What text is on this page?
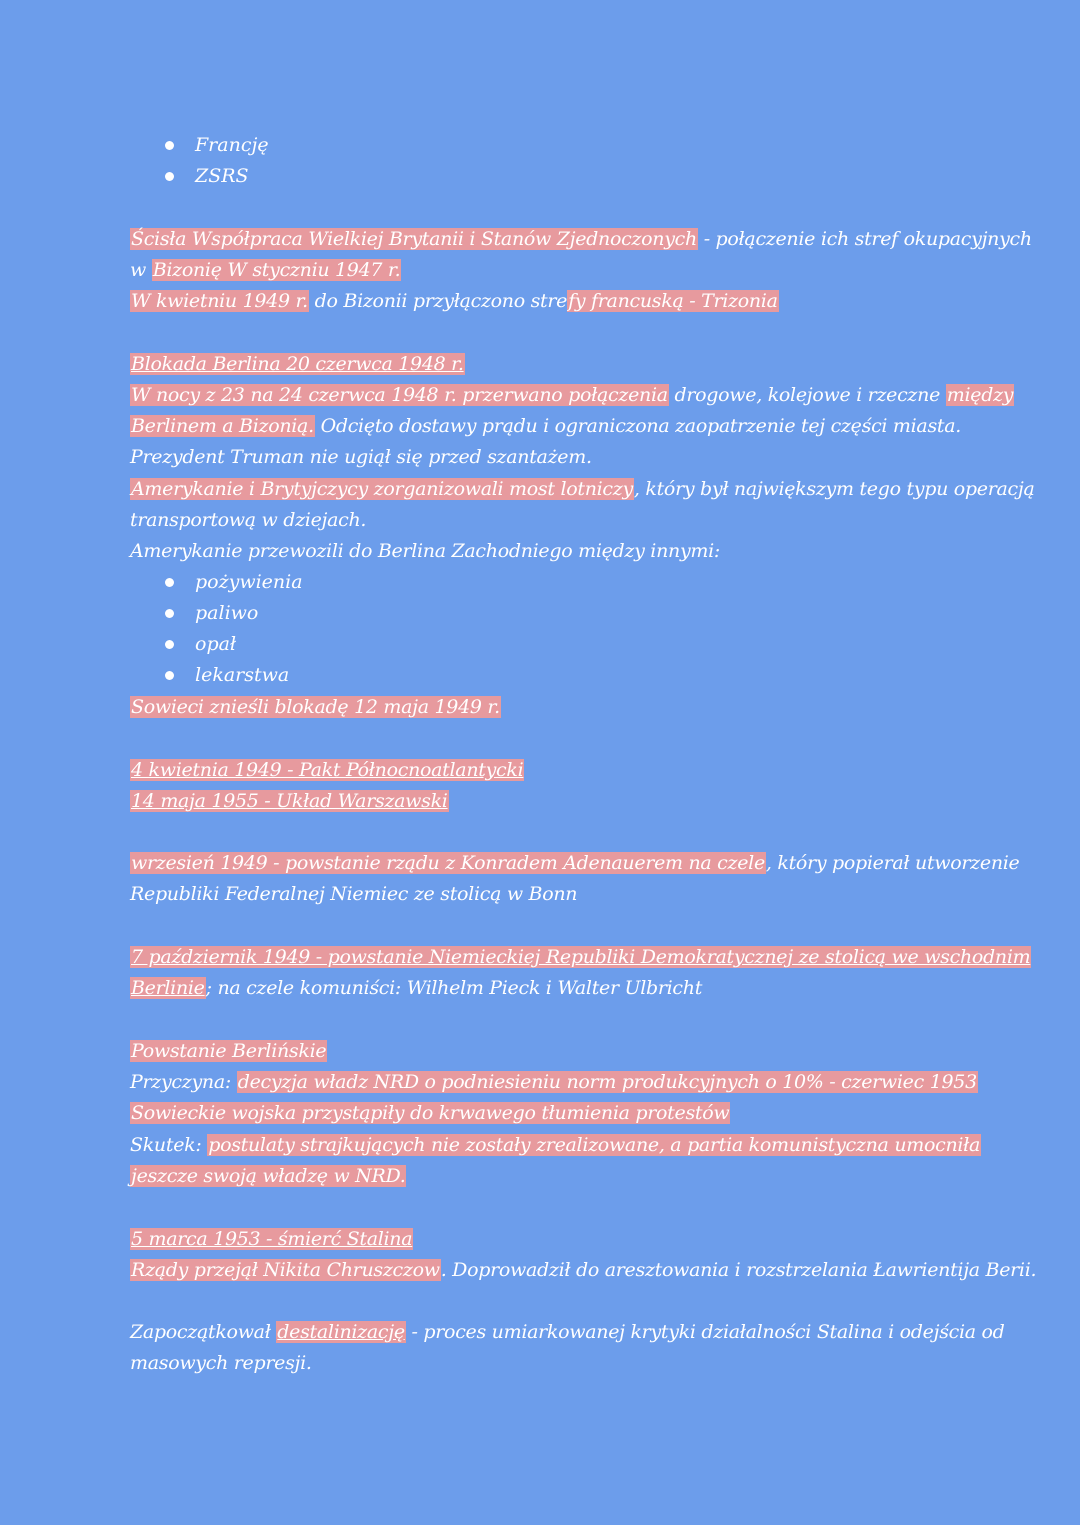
Francję
ZSRS
Ścisła Współpraca Wielkiej Brytanii i Stanów Zjednoczonych - połączenie ich stref okupacyjnych
w Bizonię W styczniu 1947 r.
W kwietniu 1949 r. do Bizonii przyłączono strefy francuską - Trizonia
Blokada Berlina 20 czerwca 1948 r.
W nocy z 23 na 24 czerwca 1948 r. przerwano połączenia drogowe, kolejowe i rzeczne między
Berlinem a Bizonią. Odcięto dostawy prądu i ograniczona zaopatrzenie tej części miasta.
Prezydent Truman nie ugiął się przed szantażem.
Amerykanie i Brytyjczycy zorganizowali most lotniczy, który był największym tego typu operacją
transportową w dziejach.
Amerykanie przewozili do Berlina Zachodniego między innymi:
pożywienia
paliwo
opał
lekarstwa
Sowieci znieśli blokadę 12 maja 1949 r.
4 kwietnia 1949 - Pakt Północnoatlantycki
14 maja 1955 - Układ Warszawski
wrzesień 1949 - powstanie rządu z Konradem Adenauerem na czele, który popierał utworzenie
Republiki Federalnej Niemiec ze stolicą w Bonn
7 październik 1949 - powstanie Niemieckiej Republiki Demokratycznej ze stolicą we wschodnim
Berlinie; na czele komuniści: Wilhelm Pieck i Walter Ulbricht
Powstanie Berlińskie
Przyczyna: decyzja władz NRD o podniesieniu norm produkcyjnych o 10% - czerwiec 1953
Sowieckie wojska przystąpiły do krwawego tłumienia protestów
Skutek: postulaty strajkujących nie zostały zrealizowane, a partia komunistyczna umocniła
jeszcze swoją władzę w NRD.
5 marca 1953 - śmierć Stalina
Rządy przejął Nikita Chruszczow. Doprowadził do aresztowania i rozstrzelania Ławrientija Berii.
Zapoczątkował destalinizację - proces umiarkowanej krytyki działalności Stalina i odejścia od
masowych represji.
